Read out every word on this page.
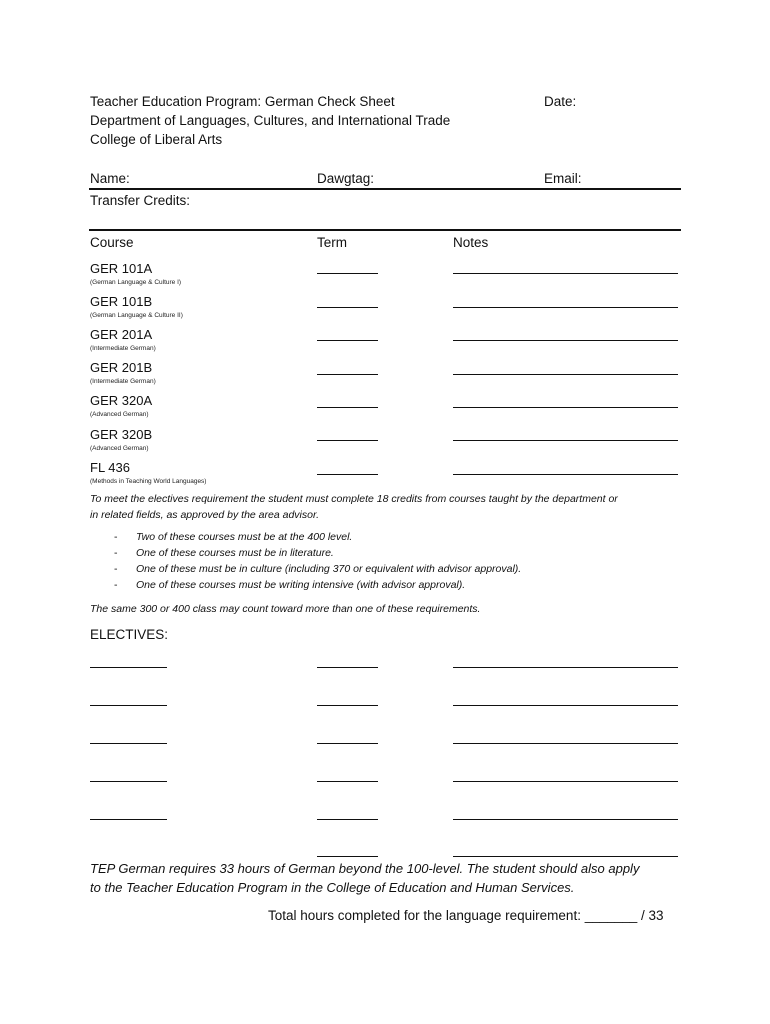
Teacher Education Program: German Check Sheet
Department of Languages, Cultures, and International Trade
College of Liberal Arts
Date:
Name:	Dawgtag:	Email:
Transfer Credits:
Course	Term	Notes
GER 101A
(German Language & Culture I)
GER 101B
(German Language & Culture II)
GER 201A
(Intermediate German)
GER 201B
(Intermediate German)
GER 320A
(Advanced German)
GER 320B
(Advanced German)
FL 436
(Methods in Teaching World Languages)
To meet the electives requirement the student must complete 18 credits from courses taught by the department or
in related fields, as approved by the area advisor.
- Two of these courses must be at the 400 level.
- One of these courses must be in literature.
- One of these must be in culture (including 370 or equivalent with advisor approval).
- One of these courses must be writing intensive (with advisor approval).
The same 300 or 400 class may count toward more than one of these requirements.
ELECTIVES:
TEP German requires 33 hours of German beyond the 100-level. The student should also apply
to the Teacher Education Program in the College of Education and Human Services.
Total hours completed for the language requirement: _______ / 33
